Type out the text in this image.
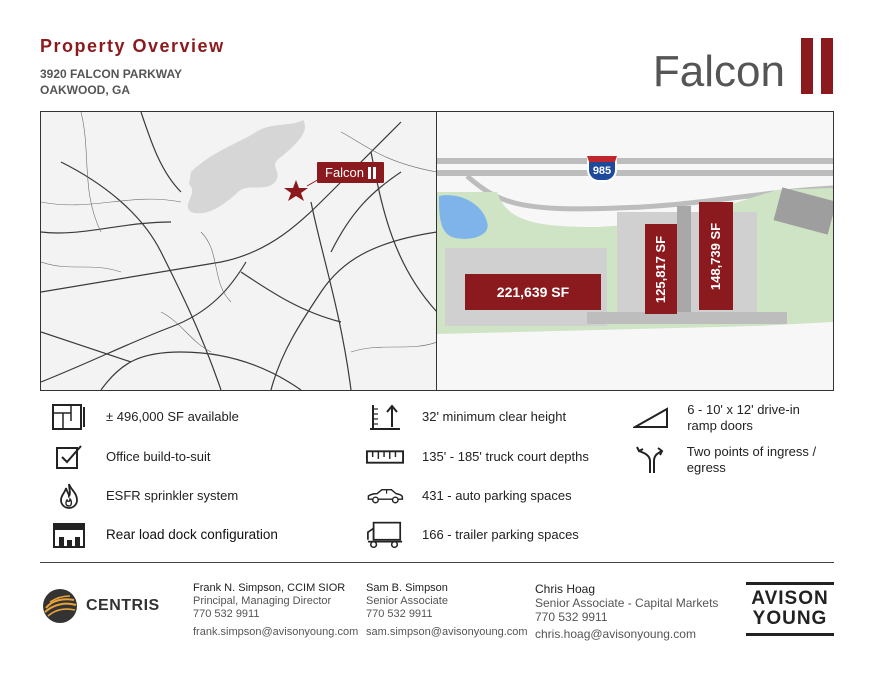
Property Overview
3920 FALCON PARKWAY
OAKWOOD, GA	Falcon
Falcon	985
221,639 SF	125,817 SF	148,739 SF
± 496,000 SF available
Office build-to-suit
ESFR sprinkler system
Rear load dock configuration
32' minimum clear height
135' - 185' truck court depths
431 - auto parking spaces
166 - trailer parking spaces
6 - 10' x 12' drive-in ramp doors
Two points of ingress / egress
CENTRIS
Frank N. Simpson, CCIM SIOR
Principal, Managing Director
770 532 9911
frank.simpson@avisonyoung.com
Sam B. Simpson
Senior Associate
770 532 9911
sam.simpson@avisonyoung.com
Chris Hoag
Senior Associate - Capital Markets
770 532 9911
chris.hoag@avisonyoung.com
AVISON
YOUNG
